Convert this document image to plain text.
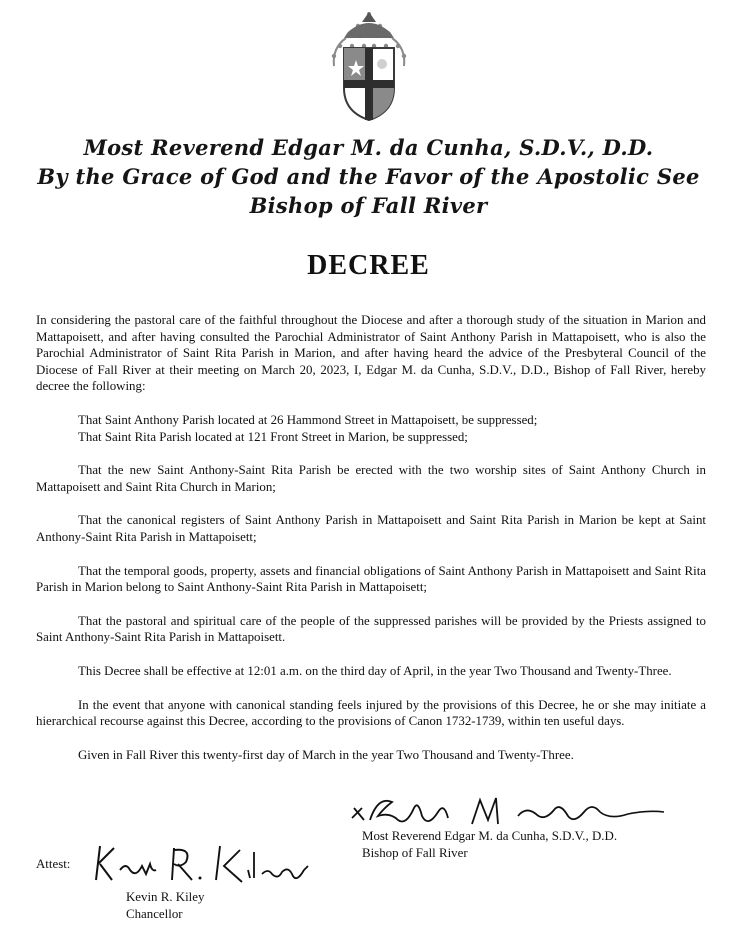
Most Reverend Edgar M. da Cunha, S.D.V., D.D.
By the Grace of God and the Favor of the Apostolic See
Bishop of Fall River
DECREE

In considering the pastoral care of the faithful throughout the Diocese and after a thorough study of the situation in Marion and Mattapoisett, and after having consulted the Parochial Administrator of Saint Anthony Parish in Mattapoisett, who is also the Parochial Administrator of Saint Rita Parish in Marion, and after having heard the advice of the Presbyteral Council of the Diocese of Fall River at their meeting on March 20, 2023, I, Edgar M. da Cunha, S.D.V., D.D., Bishop of Fall River, hereby decree the following:

That Saint Anthony Parish located at 26 Hammond Street in Mattapoisett, be suppressed;

That Saint Rita Parish located at 121 Front Street in Marion, be suppressed;

That the new Saint Anthony-Saint Rita Parish be erected with the two worship sites of Saint Anthony Church in Mattapoisett and Saint Rita Church in Marion;

That the canonical registers of Saint Anthony Parish in Mattapoisett and Saint Rita Parish in Marion be kept at Saint Anthony-Saint Rita Parish in Mattapoisett;

That the temporal goods, property, assets and financial obligations of Saint Anthony Parish in Mattapoisett and Saint Rita Parish in Marion belong to Saint Anthony-Saint Rita Parish in Mattapoisett;

That the pastoral and spiritual care of the people of the suppressed parishes will be provided by the Priests assigned to Saint Anthony-Saint Rita Parish in Mattapoisett.

This Decree shall be effective at 12:01 a.m. on the third day of April, in the year Two Thousand and Twenty-Three.

In the event that anyone with canonical standing feels injured by the provisions of this Decree, he or she may initiate a hierarchical recourse against this Decree, according to the provisions of Canon 1732-1739, within ten useful days.

Given in Fall River this twenty-first day of March in the year Two Thousand and Twenty-Three.

Most Reverend Edgar M. da Cunha, S.D.V., D.D.
Bishop of Fall River
Attest:
Kevin R. Kiley
Chancellor
